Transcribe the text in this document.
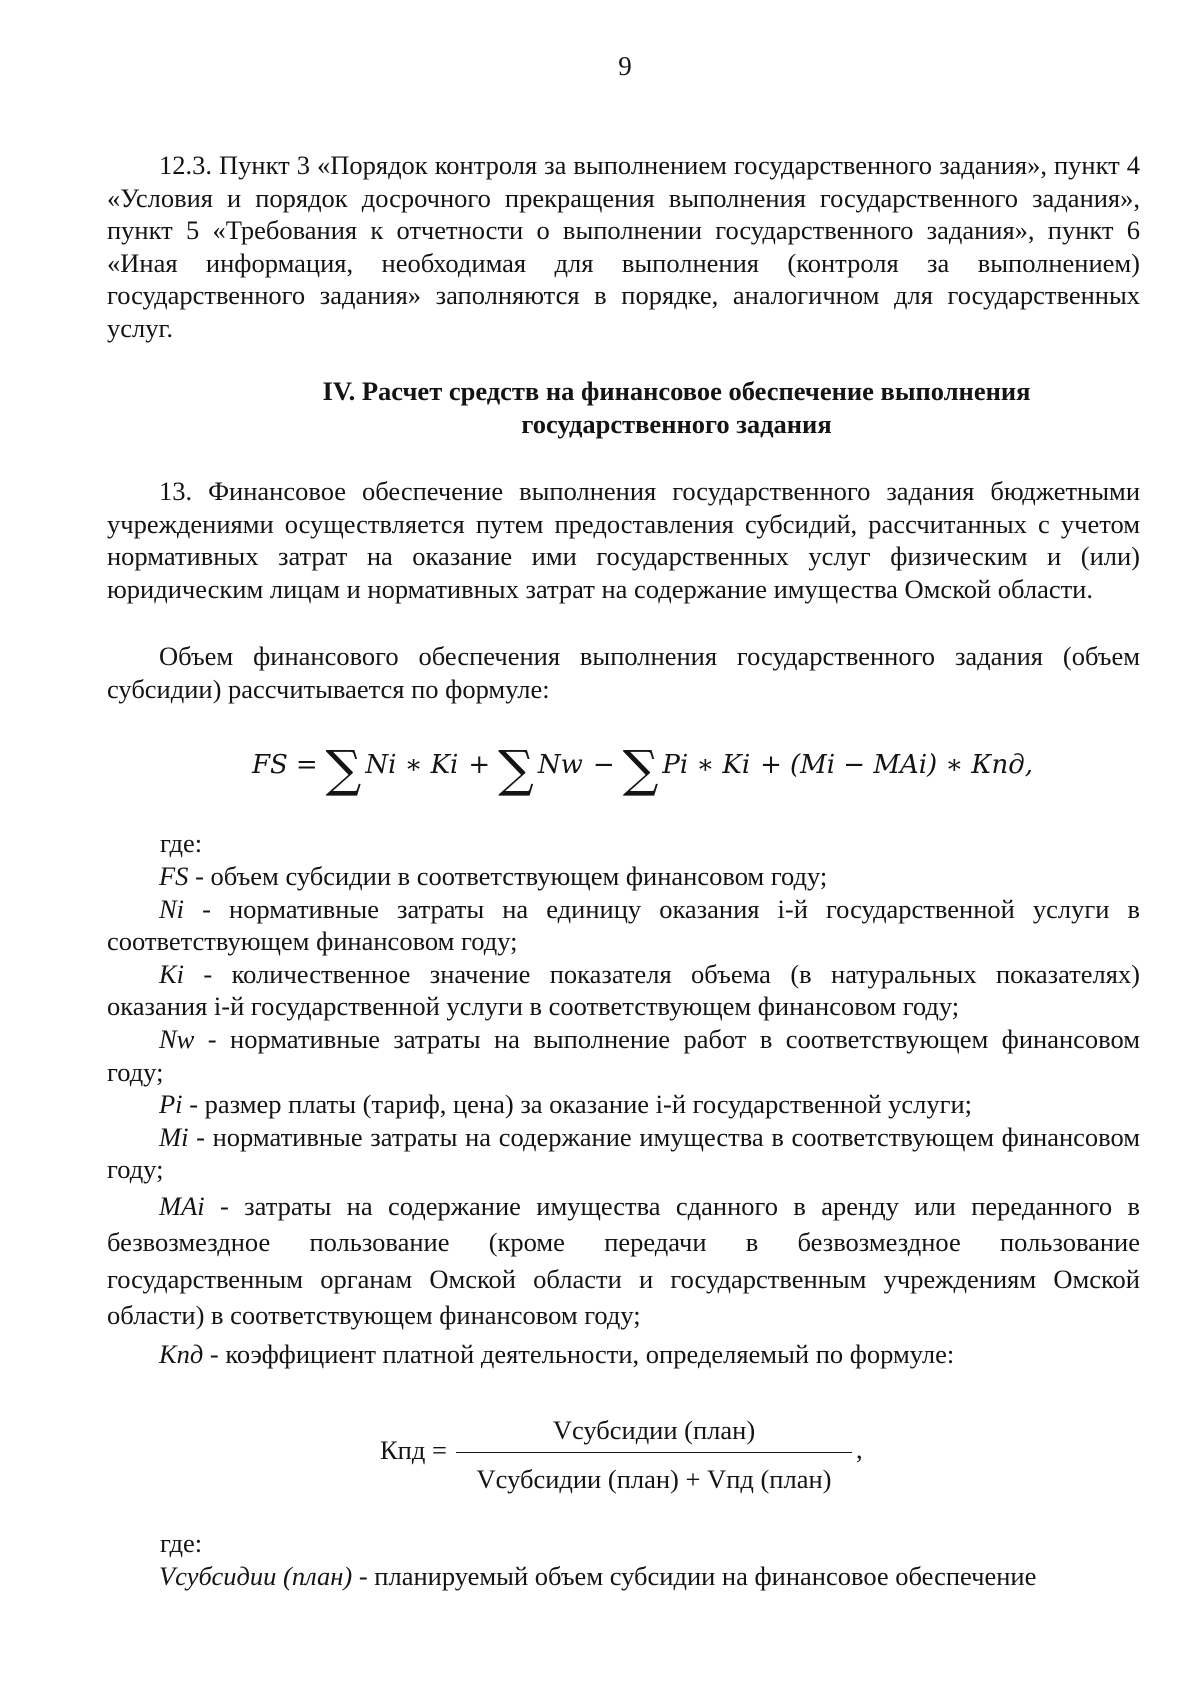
9

12.3. Пункт 3 «Порядок контроля за выполнением государственного задания», пункт 4 «Условия и порядок досрочного прекращения выполнения государственного задания», пункт 5 «Требования к отчетности о выполнении государственного задания», пункт 6 «Иная информация, необходимая для выполнения (контроля за выполнением) государственного задания» заполняются в порядке, аналогичном для государственных услуг.

IV. Расчет средств на финансовое обеспечение выполнения
государственного задания

13. Финансовое обеспечение выполнения государственного задания бюджетными учреждениями осуществляется путем предоставления субсидий, рассчитанных с учетом нормативных затрат на оказание ими государственных услуг физическим и (или) юридическим лицам и нормативных затрат на содержание имущества Омской области.

Объем финансового обеспечения выполнения государственного задания (объем субсидии) рассчитывается по формуле:

FS = ∑ Ni ∗ Ki + ∑ Nw − ∑ Pi ∗ Ki + (Mi − MAi) ∗ Кпд,

где:

FS - объем субсидии в соответствующем финансовом году;

Ni - нормативные затраты на единицу оказания i-й государственной услуги в соответствующем финансовом году;

Ki - количественное значение показателя объема (в натуральных показателях) оказания i-й государственной услуги в соответствующем финансовом году;

Nw - нормативные затраты на выполнение работ в соответствующем финансовом году;

Pi - размер платы (тариф, цена) за оказание i-й государственной услуги;

Mi - нормативные затраты на содержание имущества в соответствующем финансовом году;

MAi - затраты на содержание имущества сданного в аренду или переданного в безвозмездное пользование (кроме передачи в безвозмездное пользование государственным органам Омской области и государственным учреждениям Омской области) в соответствующем финансовом году;

Кпд - коэффициент платной деятельности, определяемый по формуле:

Кпд =
Vсубсидии (план)
Vсубсидии (план) + Vпд (план)
,

где:

Vсубсидии (план) - планируемый объем субсидии на финансовое обеспечение
